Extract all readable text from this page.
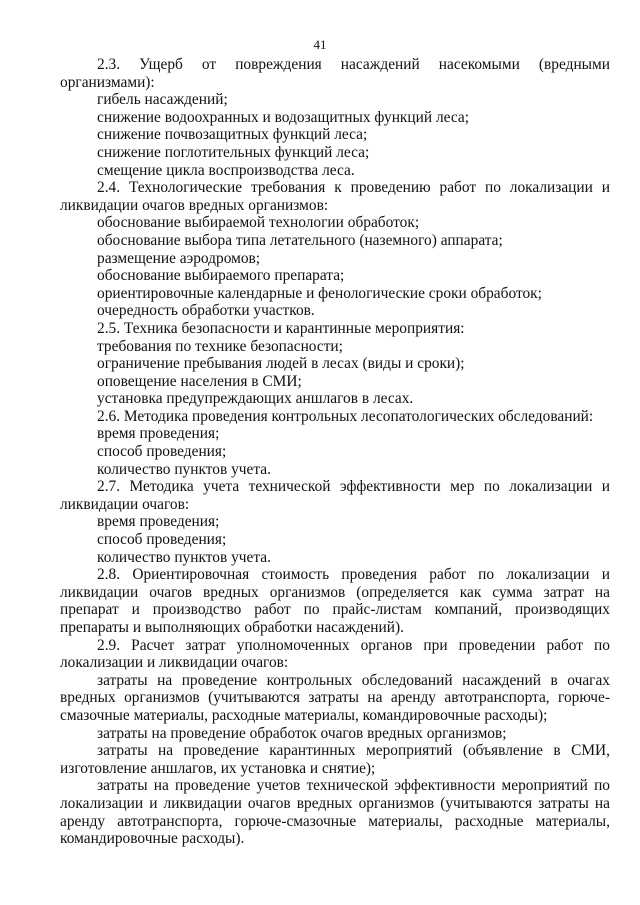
41

2.3. Ущерб от повреждения насаждений насекомыми (вредными организмами):

гибель насаждений;

снижение водоохранных и водозащитных функций леса;

снижение почвозащитных функций леса;

снижение поглотительных функций леса;

смещение цикла воспроизводства леса.

2.4. Технологические требования к проведению работ по локализации и ликвидации очагов вредных организмов:

обоснование выбираемой технологии обработок;

обоснование выбора типа летательного (наземного) аппарата;

размещение аэродромов;

обоснование выбираемого препарата;

ориентировочные календарные и фенологические сроки обработок;

очередность обработки участков.

2.5. Техника безопасности и карантинные мероприятия:

требования по технике безопасности;

ограничение пребывания людей в лесах (виды и сроки);

оповещение населения в СМИ;

установка предупреждающих аншлагов в лесах.

2.6. Методика проведения контрольных лесопатологических обследований:

время проведения;

способ проведения;

количество пунктов учета.

2.7. Методика учета технической эффективности мер по локализации и ликвидации очагов:

время проведения;

способ проведения;

количество пунктов учета.

2.8. Ориентировочная стоимость проведения работ по локализации и ликвидации очагов вредных организмов (определяется как сумма затрат на препарат и производство работ по прайс-листам компаний, производящих препараты и выполняющих обработки насаждений).

2.9. Расчет затрат уполномоченных органов при проведении работ по локализации и ликвидации очагов:

затраты на проведение контрольных обследований насаждений в очагах вредных организмов (учитываются затраты на аренду автотранспорта, горюче-смазочные материалы, расходные материалы, командировочные расходы);

затраты на проведение обработок очагов вредных организмов;

затраты на проведение карантинных мероприятий (объявление в СМИ, изготовление аншлагов, их установка и снятие);

затраты на проведение учетов технической эффективности мероприятий по локализации и ликвидации очагов вредных организмов (учитываются затраты на аренду автотранспорта, горюче-смазочные материалы, расходные материалы, командировочные расходы).
